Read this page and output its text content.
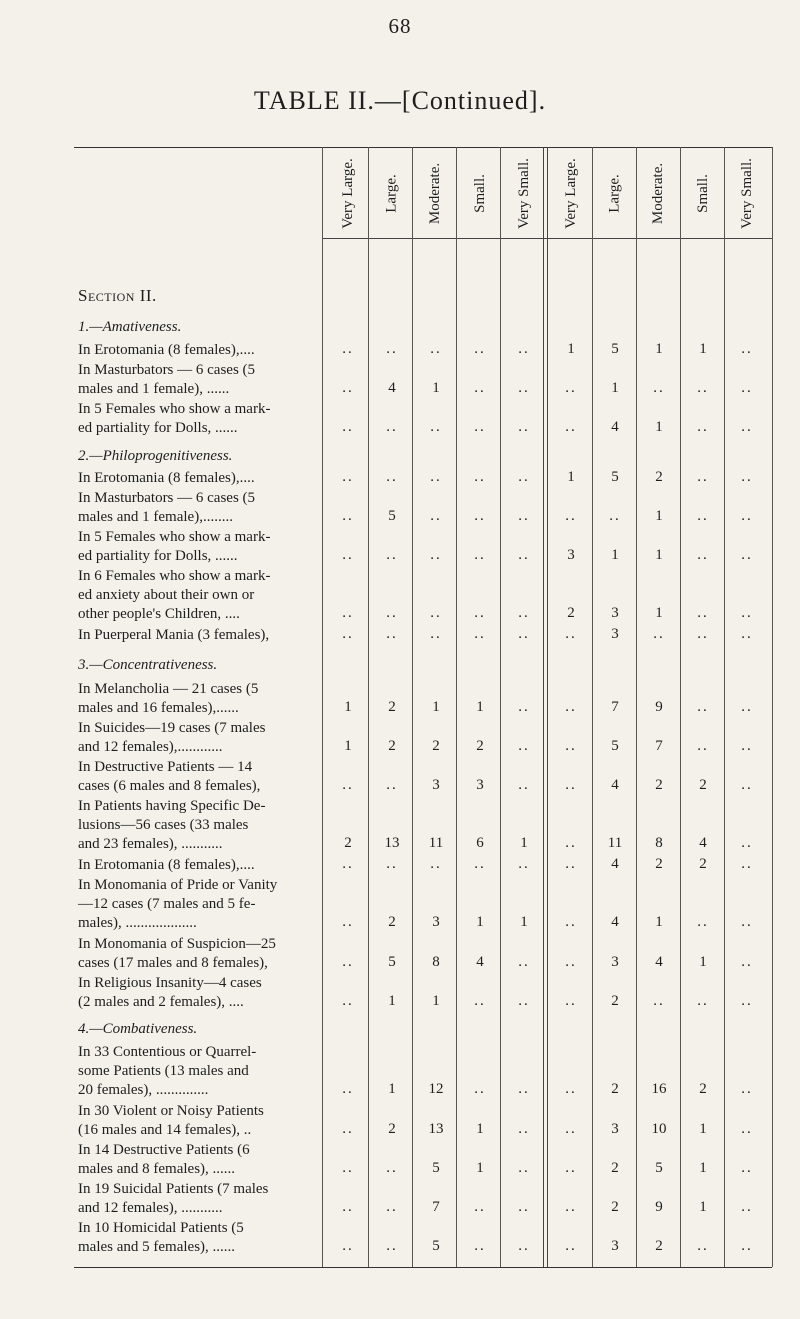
68
TABLE II.—[Continued].
Very Large. Large. Moderate. Small. Very Small. Very Large. Large. Moderate. Small. Very Small.
1.—Amativeness.
In Erotomania (8 females),....	..	..	..	..	..	1	5	1	1	..
In Masturbators — 6 cases (5
males and 1 female), ......	..	4	1	..	..	..	1	..	..	..
In 5 Females who show a mark-
ed partiality for Dolls, ......	..	..	..	..	..	..	4	1	..	..
2.—Philoprogenitiveness.
In Erotomania (8 females),....	..	..	..	..	..	1	5	2	..	..
In Masturbators — 6 cases (5
males and 1 female),........	..	5	..	..	..	..	..	1	..	..
In 5 Females who show a mark-
ed partiality for Dolls, ......	..	..	..	..	..	3	1	1	..	..
In 6 Females who show a mark-
ed anxiety about their own or
other people's Children, ....	..	..	..	..	..	2	3	1	..	..
In Puerperal Mania (3 females),	..	..	..	..	..	..	3	..	..	..
3.—Concentrativeness.
In Melancholia — 21 cases (5
males and 16 females),......	1	2	1	1	..	..	7	9	..	..
In Suicides—19 cases (7 males
and 12 females),............	1	2	2	2	..	..	5	7	..	..
In Destructive Patients — 14
cases (6 males and 8 females),	..	..	3	3	..	..	4	2	2	..
In Patients having Specific De-
lusions—56 cases (33 males
and 23 females), ...........	2	13	11	6	1	..	11	8	4	..
In Erotomania (8 females),....	..	..	..	..	..	..	4	2	2	..
In Monomania of Pride or Vanity
—12 cases (7 males and 5 fe-
males), ...................	..	2	3	1	1	..	4	1	..	..
In Monomania of Suspicion—25
cases (17 males and 8 females),	..	5	8	4	..	..	3	4	1	..
In Religious Insanity—4 cases
(2 males and 2 females), ....	..	1	1	..	..	..	2	..	..	..
4.—Combativeness.
In 33 Contentious or Quarrel-
some Patients (13 males and
20 females), ..............	..	1	12	..	..	..	2	16	2	..
In 30 Violent or Noisy Patients
(16 males and 14 females), ..	..	2	13	1	..	..	3	10	1	..
In 14 Destructive Patients (6
males and 8 females), ......	..	..	5	1	..	..	2	5	1	..
In 19 Suicidal Patients (7 males
and 12 females), ...........	..	..	7	..	..	..	2	9	1	..
In 10 Homicidal Patients (5
males and 5 females), ......	..	..	5	..	..	..	3	2	..	..
Section II.
